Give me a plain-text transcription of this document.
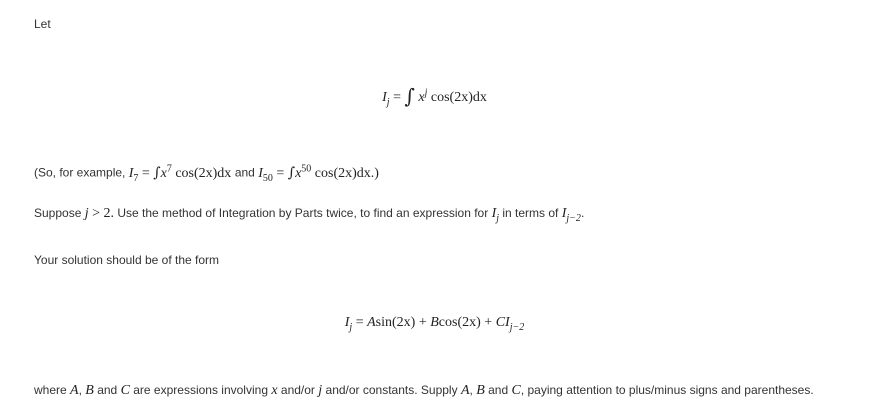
Let
$I_j$ = ∫ $x^j$ cos(2x)dx
(So, for example, $I_7 = \int x^7$ cos(2x)dx and $I_{50} = \int x^{50}$ cos(2x)dx.)
Suppose j > 2. Use the method of Integration by Parts twice, to find an expression for $I_j$ in terms of $I_{j-2}$.
Your solution should be of the form
$I_j = Asin(2x) + Bcos(2x) + CI_{j-2}$
where A, B and C are expressions involving x and/or j and/or constants. Supply A, B and C, paying attention to plus/minus signs and parentheses.
